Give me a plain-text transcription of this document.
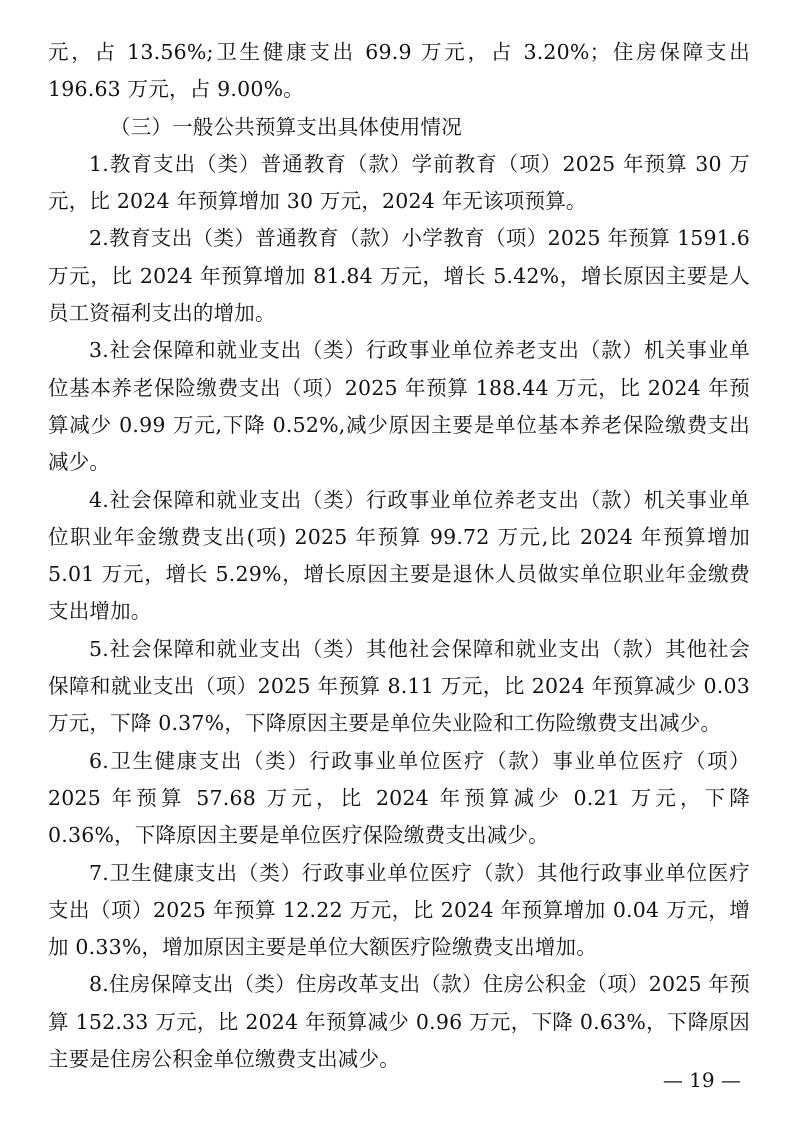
元，占 13.56%;卫生健康支出 69.9 万元，占 3.20%；住房保障支出 196.63 万元，占 9.00%。

（三）一般公共预算支出具体使用情况

1.教育支出（类）普通教育（款）学前教育（项）2025 年预算 30 万元，比 2024 年预算增加 30 万元，2024 年无该项预算。

2.教育支出（类）普通教育（款）小学教育（项）2025 年预算 1591.6 万元，比 2024 年预算增加 81.84 万元，增长 5.42%，增长原因主要是人员工资福利支出的增加。

3.社会保障和就业支出（类）行政事业单位养老支出（款）机关事业单位基本养老保险缴费支出（项）2025 年预算 188.44 万元，比 2024 年预算减少 0.99 万元,下降 0.52%,减少原因主要是单位基本养老保险缴费支出减少。

4.社会保障和就业支出（类）行政事业单位养老支出（款）机关事业单位职业年金缴费支出(项) 2025 年预算 99.72 万元,比 2024 年预算增加 5.01 万元，增长 5.29%，增长原因主要是退休人员做实单位职业年金缴费支出增加。

5.社会保障和就业支出（类）其他社会保障和就业支出（款）其他社会保障和就业支出（项）2025 年预算 8.11 万元，比 2024 年预算减少 0.03 万元，下降 0.37%，下降原因主要是单位失业险和工伤险缴费支出减少。

6.卫生健康支出（类）行政事业单位医疗（款）事业单位医疗（项）2025 年预算 57.68 万元，比 2024 年预算减少 0.21 万元，下降 0.36%，下降原因主要是单位医疗保险缴费支出减少。

7.卫生健康支出（类）行政事业单位医疗（款）其他行政事业单位医疗支出（项）2025 年预算 12.22 万元，比 2024 年预算增加 0.04 万元，增加 0.33%，增加原因主要是单位大额医疗险缴费支出增加。

8.住房保障支出（类）住房改革支出（款）住房公积金（项）2025 年预算 152.33 万元，比 2024 年预算减少 0.96 万元，下降 0.63%，下降原因主要是住房公积金单位缴费支出减少。

— 19 —
